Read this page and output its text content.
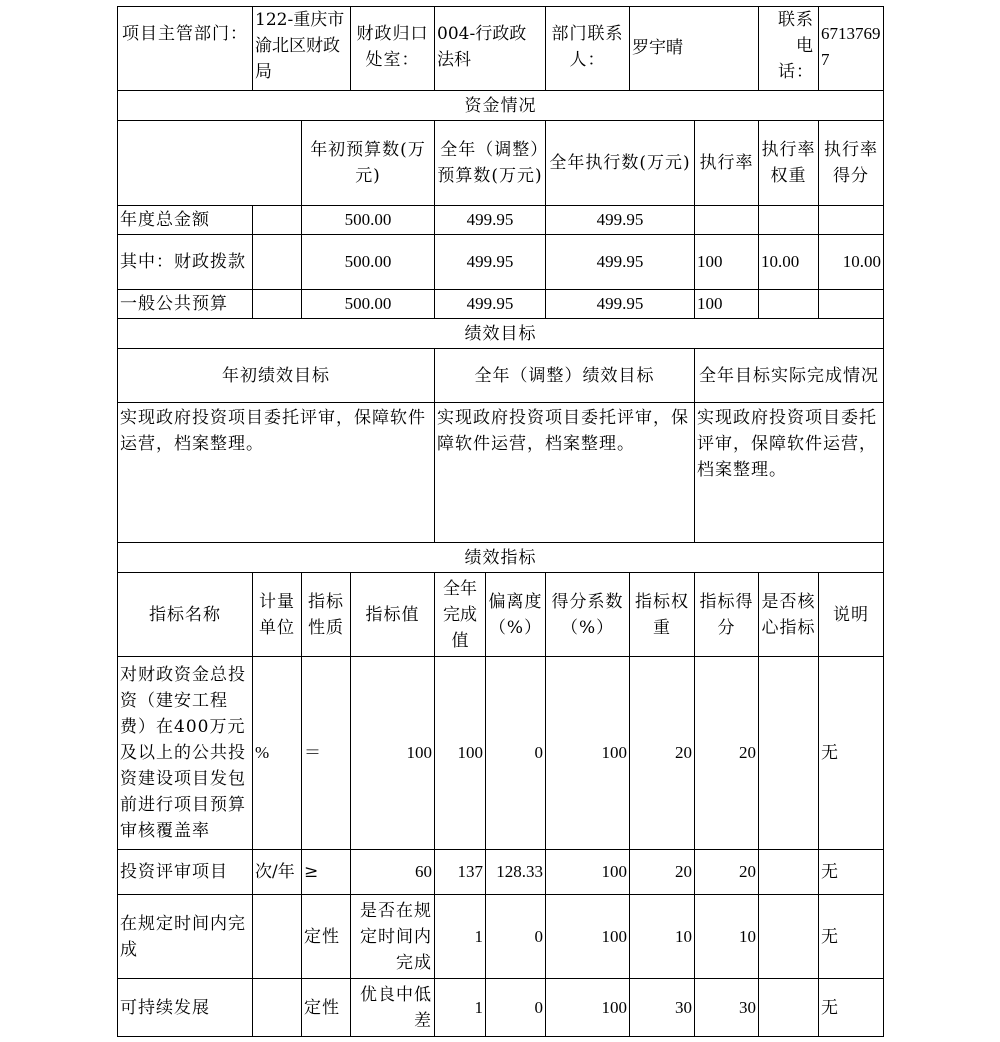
项目主管部门：	122-重庆市渝北区财政局		财政归口处室：	004-行政政法科		部门联系人：	罗宇晴		联系电话：	67137697
资金情况										
		年初预算数(万元)		全年（调整）预算数(万元)		全年执行数(万元)		执行率	执行率权重	执行率得分
年度总金额		500.00		499.95		499.95				
其中：财政拨款		500.00		499.95		499.95		100	10.00	10.00
一般公共预算		500.00		499.95		499.95		100		
绩效目标										
年初绩效目标				全年（调整）绩效目标				全年目标实际完成情况		
实现政府投资项目委托评审，保障软件运营，档案整理。				实现政府投资项目委托评审，保障软件运营，档案整理。				实现政府投资项目委托评审，保障软件运营，档案整理。		
绩效指标										
指标名称	计量单位	指标性质	指标值	全年完成值	偏离度（%）	得分系数（%）	指标权重	指标得分	是否核心指标	说明
对财政资金总投资（建安工程费）在400万元及以上的公共投资建设项目发包前进行项目预算审核覆盖率	%	＝	100	100	0	100	20	20		无
投资评审项目	次/年	≥	60	137	128.33	100	20	20		无
在规定时间内完成		定性	是否在规定时间内完成	1	0	100	10	10		无
可持续发展		定性	优良中低差	1	0	100	30	30		无
